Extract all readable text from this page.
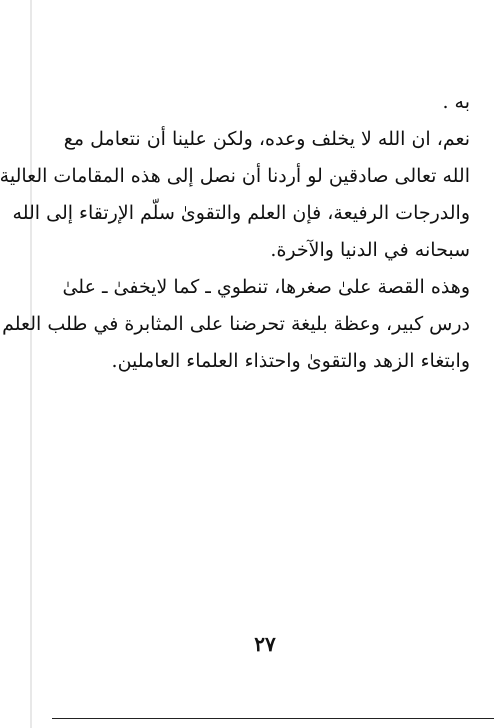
به .
نعم، ان الله لا يخلف وعده، ولكن علينا أن نتعامل مع
الله تعالى صادقين لو أردنا أن نصل إلى هذه المقامات العالية
والدرجات الرفيعة، فإن العلم والتقوىٰ سلّم الإرتقاء إلى الله
سبحانه في الدنيا والآخرة.
وهذه القصة علىٰ صغرها، تنطوي ـ كما لايخفىٰ ـ علىٰ
درس كبير، وعظة بليغة تحرضنا على المثابرة في طلب العلم
وابتغاء الزهد والتقوىٰ واحتذاء العلماء العاملين.
٢٧
